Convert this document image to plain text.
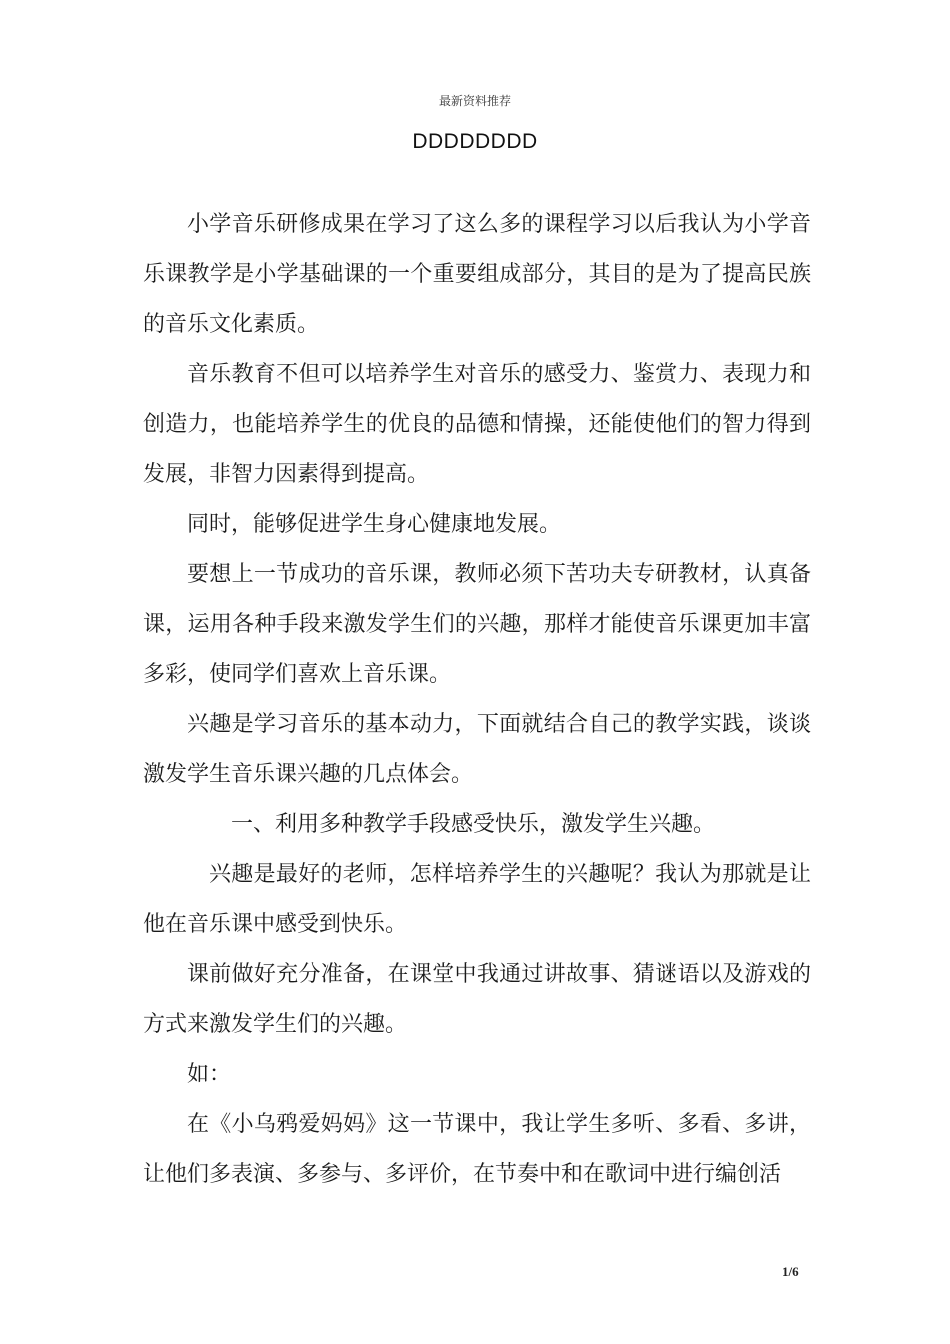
最新资料推荐
DDDDDDDD

小学音乐研修成果在学习了这么多的课程学习以后我认为小学音乐课教学是小学基础课的一个重要组成部分，其目的是为了提高民族的音乐文化素质。

音乐教育不但可以培养学生对音乐的感受力、鉴赏力、表现力和创造力，也能培养学生的优良的品德和情操，还能使他们的智力得到发展，非智力因素得到提高。

同时，能够促进学生身心健康地发展。

要想上一节成功的音乐课，教师必须下苦功夫专研教材，认真备课，运用各种手段来激发学生们的兴趣，那样才能使音乐课更加丰富多彩，使同学们喜欢上音乐课。

兴趣是学习音乐的基本动力，下面就结合自己的教学实践，谈谈激发学生音乐课兴趣的几点体会。

一、利用多种教学手段感受快乐，激发学生兴趣。

兴趣是最好的老师，怎样培养学生的兴趣呢？我认为那就是让他在音乐课中感受到快乐。

课前做好充分准备，在课堂中我通过讲故事、猜谜语以及游戏的方式来激发学生们的兴趣。

如：

在《小乌鸦爱妈妈》这一节课中，我让学生多听、多看、多讲，让他们多表演、多参与、多评价，在节奏中和在歌词中进行编创活

1/6
